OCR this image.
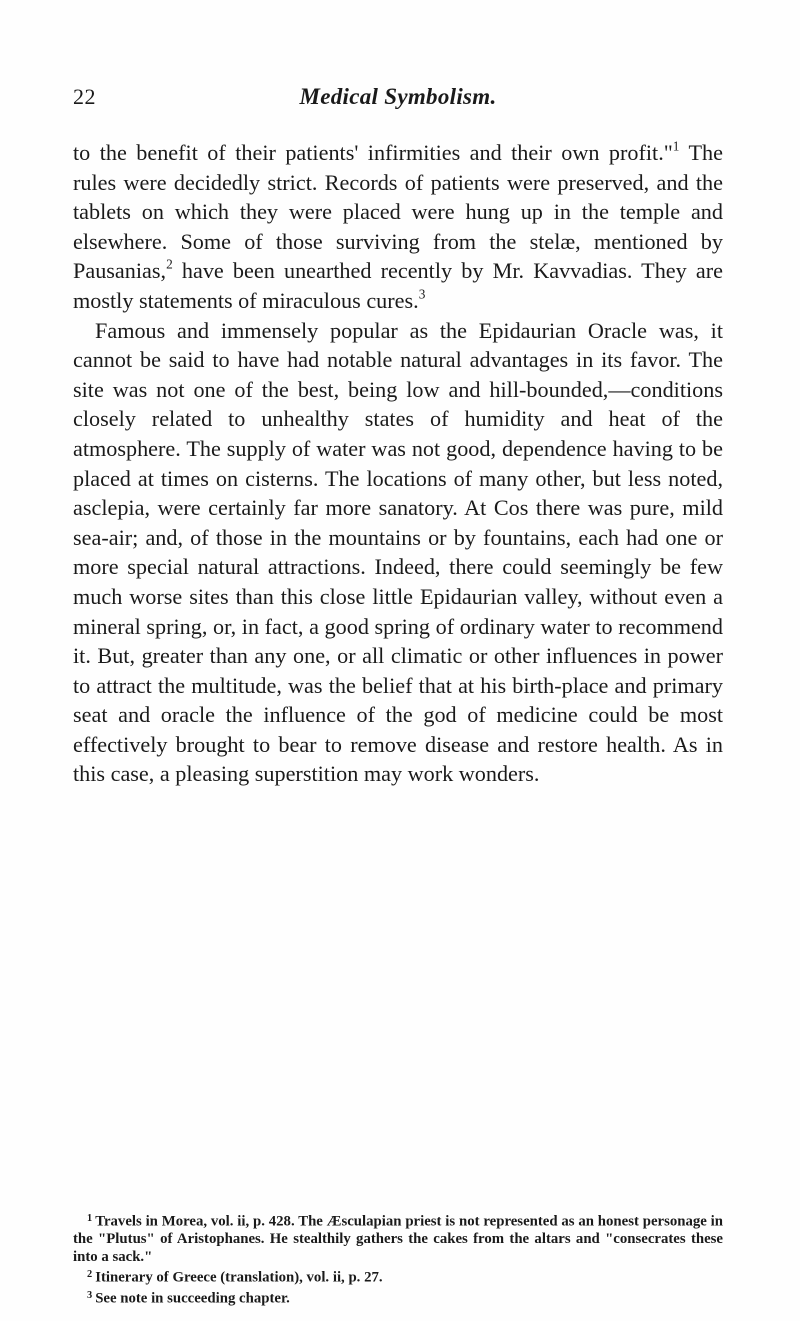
22	Medical Symbolism.

to the benefit of their patients' infirmities and their own profit."$^1$ The rules were decidedly strict. Records of patients were preserved, and the tablets on which they were placed were hung up in the temple and elsewhere. Some of those surviving from the stelæ, mentioned by Pausanias,$^2$ have been unearthed recently by Mr. Kavvadias. They are mostly statements of miraculous cures.$^3$

Famous and immensely popular as the Epidaurian Oracle was, it cannot be said to have had notable natural advantages in its favor. The site was not one of the best, being low and hill-bounded,—conditions closely related to unhealthy states of humidity and heat of the atmosphere. The supply of water was not good, dependence having to be placed at times on cisterns. The locations of many other, but less noted, asclepia, were certainly far more sanatory. At Cos there was pure, mild sea-air; and, of those in the mountains or by fountains, each had one or more special natural attractions. Indeed, there could seemingly be few much worse sites than this close little Epidaurian valley, without even a mineral spring, or, in fact, a good spring of ordinary water to recommend it. But, greater than any one, or all climatic or other influences in power to attract the multitude, was the belief that at his birth-place and primary seat and oracle the influence of the god of medicine could be most effectively brought to bear to remove disease and restore health. As in this case, a pleasing superstition may work wonders.

$^1$ Travels in Morea, vol. ii, p. 428. The Æsculapian priest is not represented as an honest personage in the "Plutus" of Aristophanes. He stealthily gathers the cakes from the altars and "consecrates these into a sack."

$^2$ Itinerary of Greece (translation), vol. ii, p. 27.

$^3$ See note in succeeding chapter.
